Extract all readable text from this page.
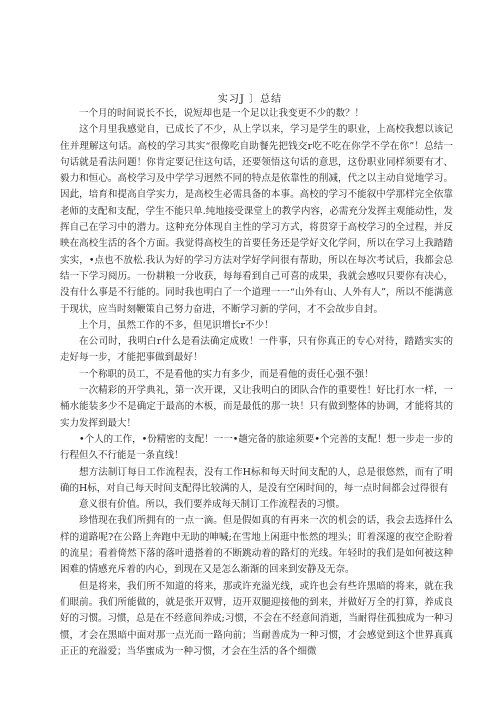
实习J 〕总结

一个月的时间说长不长，说短却也是一个足以让我变更不少的数？！

这个月里我感觉自，已成长了不少，从上学以来，学习是学生的职业，上高校我想以该记住并理解这句话。高校的学习其实“很像吃自助餐先把钱交r吃不吃在你学不学在你”！总结一句话就是看法问题！你肯定要记住这句话，还要领悟这句话的意思，这份职业同样须要有才、毅力和恒心。高校学习及中学学习迥然不同的特点是依靠性的削减，代之以主动自觉地学习。因此，培育和提高自学实力，是高校生必需具备的本事。高校的学习不能叙中学那样完全依靠老师的支配和支配，学生不能只单.纯地接受课堂上的教学内容，必需充分发挥主观能动性，发挥自己在学习中的潜力。这种充分体现自主性的学习方式，将贯穿于高校学习的全过程，并反映在高校生活的各个方面。我觉得高校生的首要任务还是学好文化学问，所以在学习上我踏踏实实，•点也不放松.我认为好的学习方法对学好学问很有帮助，所以在每次考试后，我都会总结一下学习阅历。一份耕粮一分收获，每每看到自己可喜的成果，我就会感叹只要你有决心，没有什么事是不行能的。同时我也明白了一个道理一一“山外有山、人外有人”，所以不能满意于现状，应当时刻鞭策自己努力奋进，不断学习新的学问，才不会故步自封。

上个月，虽然工作的不多，但见识增长r不少！

在公司时，我明白r什么是看法确定成败！一件事，只有你真正的专心对待，踏踏实实的走好每一步，才能把事做到最好！

一个称职的员工，不是看他的实力有多少，而是看他的责任心强不强！

一次精彩的开学典礼，第一次开课，又让我明白的团队合作的重要性！好比打水一样，一桶水能装多少不是确定于最高的木板，而是最低的那一块！只有做到整体的协调，才能将其的实力发挥到最大！

•个人的工作，•份精密的支配！一一•趟完备的旅途须要•个完善的支配！想一步走一步的行程但久不行能是一条直线！

想方法制订每日工作流程表，没有工作H标和每天时间支配的人，总是很悠然，而有了明确的H标，对自己每天时间支配得比较满的人，是没有空闲时间的，每一点时间都会过得很有

意义很有价值。所以，我们要养成每天制订工作流程表的习惯。

珍惜现在我们所拥有的一点一滴。但是假如真的有再来一次的机会的话，我会去选择什么样的道路呢?在公路上奔跑中无助的呻喊;在雪地上闲逛中怅然的埋头；盯着深邃的夜空企盼着的流星；看着倚然下落的落叶遗搭着的不断跳动着的路灯的光线。年轻时的我们是如何被这种困难的情感充斥着的内心，到现在又是怎么渐渐的回来到安静及无奈。

但是将来，我们所不知道的将来，那或许充溢光线，或许也会有些许黑暗的将来，就在我们眼前。我们所能做的，就是张开双臂，迈开双腿迎接他的到来，并做好万全的打算，养成良好的习惯。习惯，总是在不经意间养成;习惯，不会在不经意间消逝，当耐得住孤独成为一种习惯，才会在黑暗中面对那一点光而一路向前；当耐善成为一种习惯，才会感觉到这个世界真真正正的充溢爱；当华蜜成为一种习惯，才会在生活的各个细微
